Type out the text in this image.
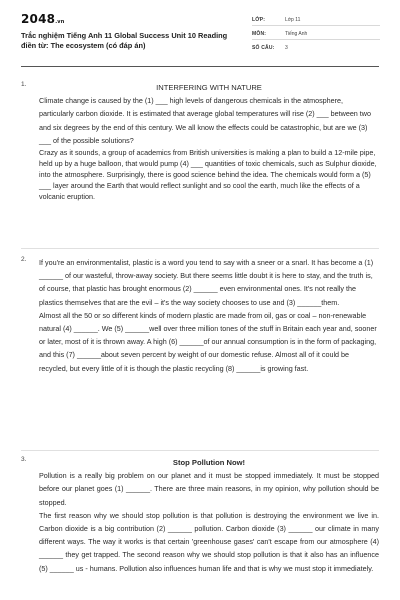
2048.vn
Trắc nghiệm Tiếng Anh 11 Global Success Unit 10 Reading điền từ: The ecosystem (có đáp án)
LỚP:	Lớp 11
MÔN:	Tiếng Anh
SỐ CÂU:	3
1.	INTERFERING WITH NATURE

Climate change is caused by the (1) ___ high levels of dangerous chemicals in the atmosphere, particularly carbon dioxide. It is estimated that average global temperatures will rise (2) ___ between two and six degrees by the end of this century. We all know the effects could be catastrophic, but are we (3) ___ of the possible solutions?

Crazy as it sounds, a group of academics from British universities is making a plan to build a 12-mile pipe, held up by a huge balloon, that would pump (4) ___ quantities of toxic chemicals, such as Sulphur dioxide, into the atmosphere. Surprisingly, there is good science behind the idea. The chemicals would form a (5) ___ layer around the Earth that would reflect sunlight and so cool the earth, much like the effects of a volcanic eruption.

2. If you're an environmentalist, plastic is a word you tend to say with a sneer or a snarl. It has become a (1) ______ of our wasteful, throw-away society. But there seems little doubt it is here to stay, and the truth is, of course, that plastic has brought enormous (2) ______ even environmental ones. It's not really the plastics themselves that are the evil – it's the way society chooses to use and (3) ______them.

Almost all the 50 or so different kinds of modern plastic are made from oil, gas or coal – non-renewable natural (4) ______. We (5) ______well over three million tones of the stuff in Britain each year and, sooner or later, most of it is thrown away. A high (6) ______of our annual consumption is in the form of packaging, and this (7) ______about seven percent by weight of our domestic refuse. Almost all of it could be recycled, but every little of it is though the plastic recycling (8) ______is growing fast.

3.	Stop Pollution Now!

Pollution is a really big problem on our planet and it must be stopped immediately. It must be stopped before our planet goes (1) ______. There are three main reasons, in my opinion, why pollution should be stopped.

The first reason why we should stop pollution is that pollution is destroying the environment we live in. Carbon dioxide is a big contribution (2) ______ pollution. Carbon dioxide (3) ______ our climate in many different ways. The way it works is that certain 'greenhouse gases' can't escape from our atmosphere (4) ______ they get trapped. The second reason why we should stop pollution is that it also has an influence (5) ______ us - humans. Pollution also influences human life and that is why we must stop it immediately.
